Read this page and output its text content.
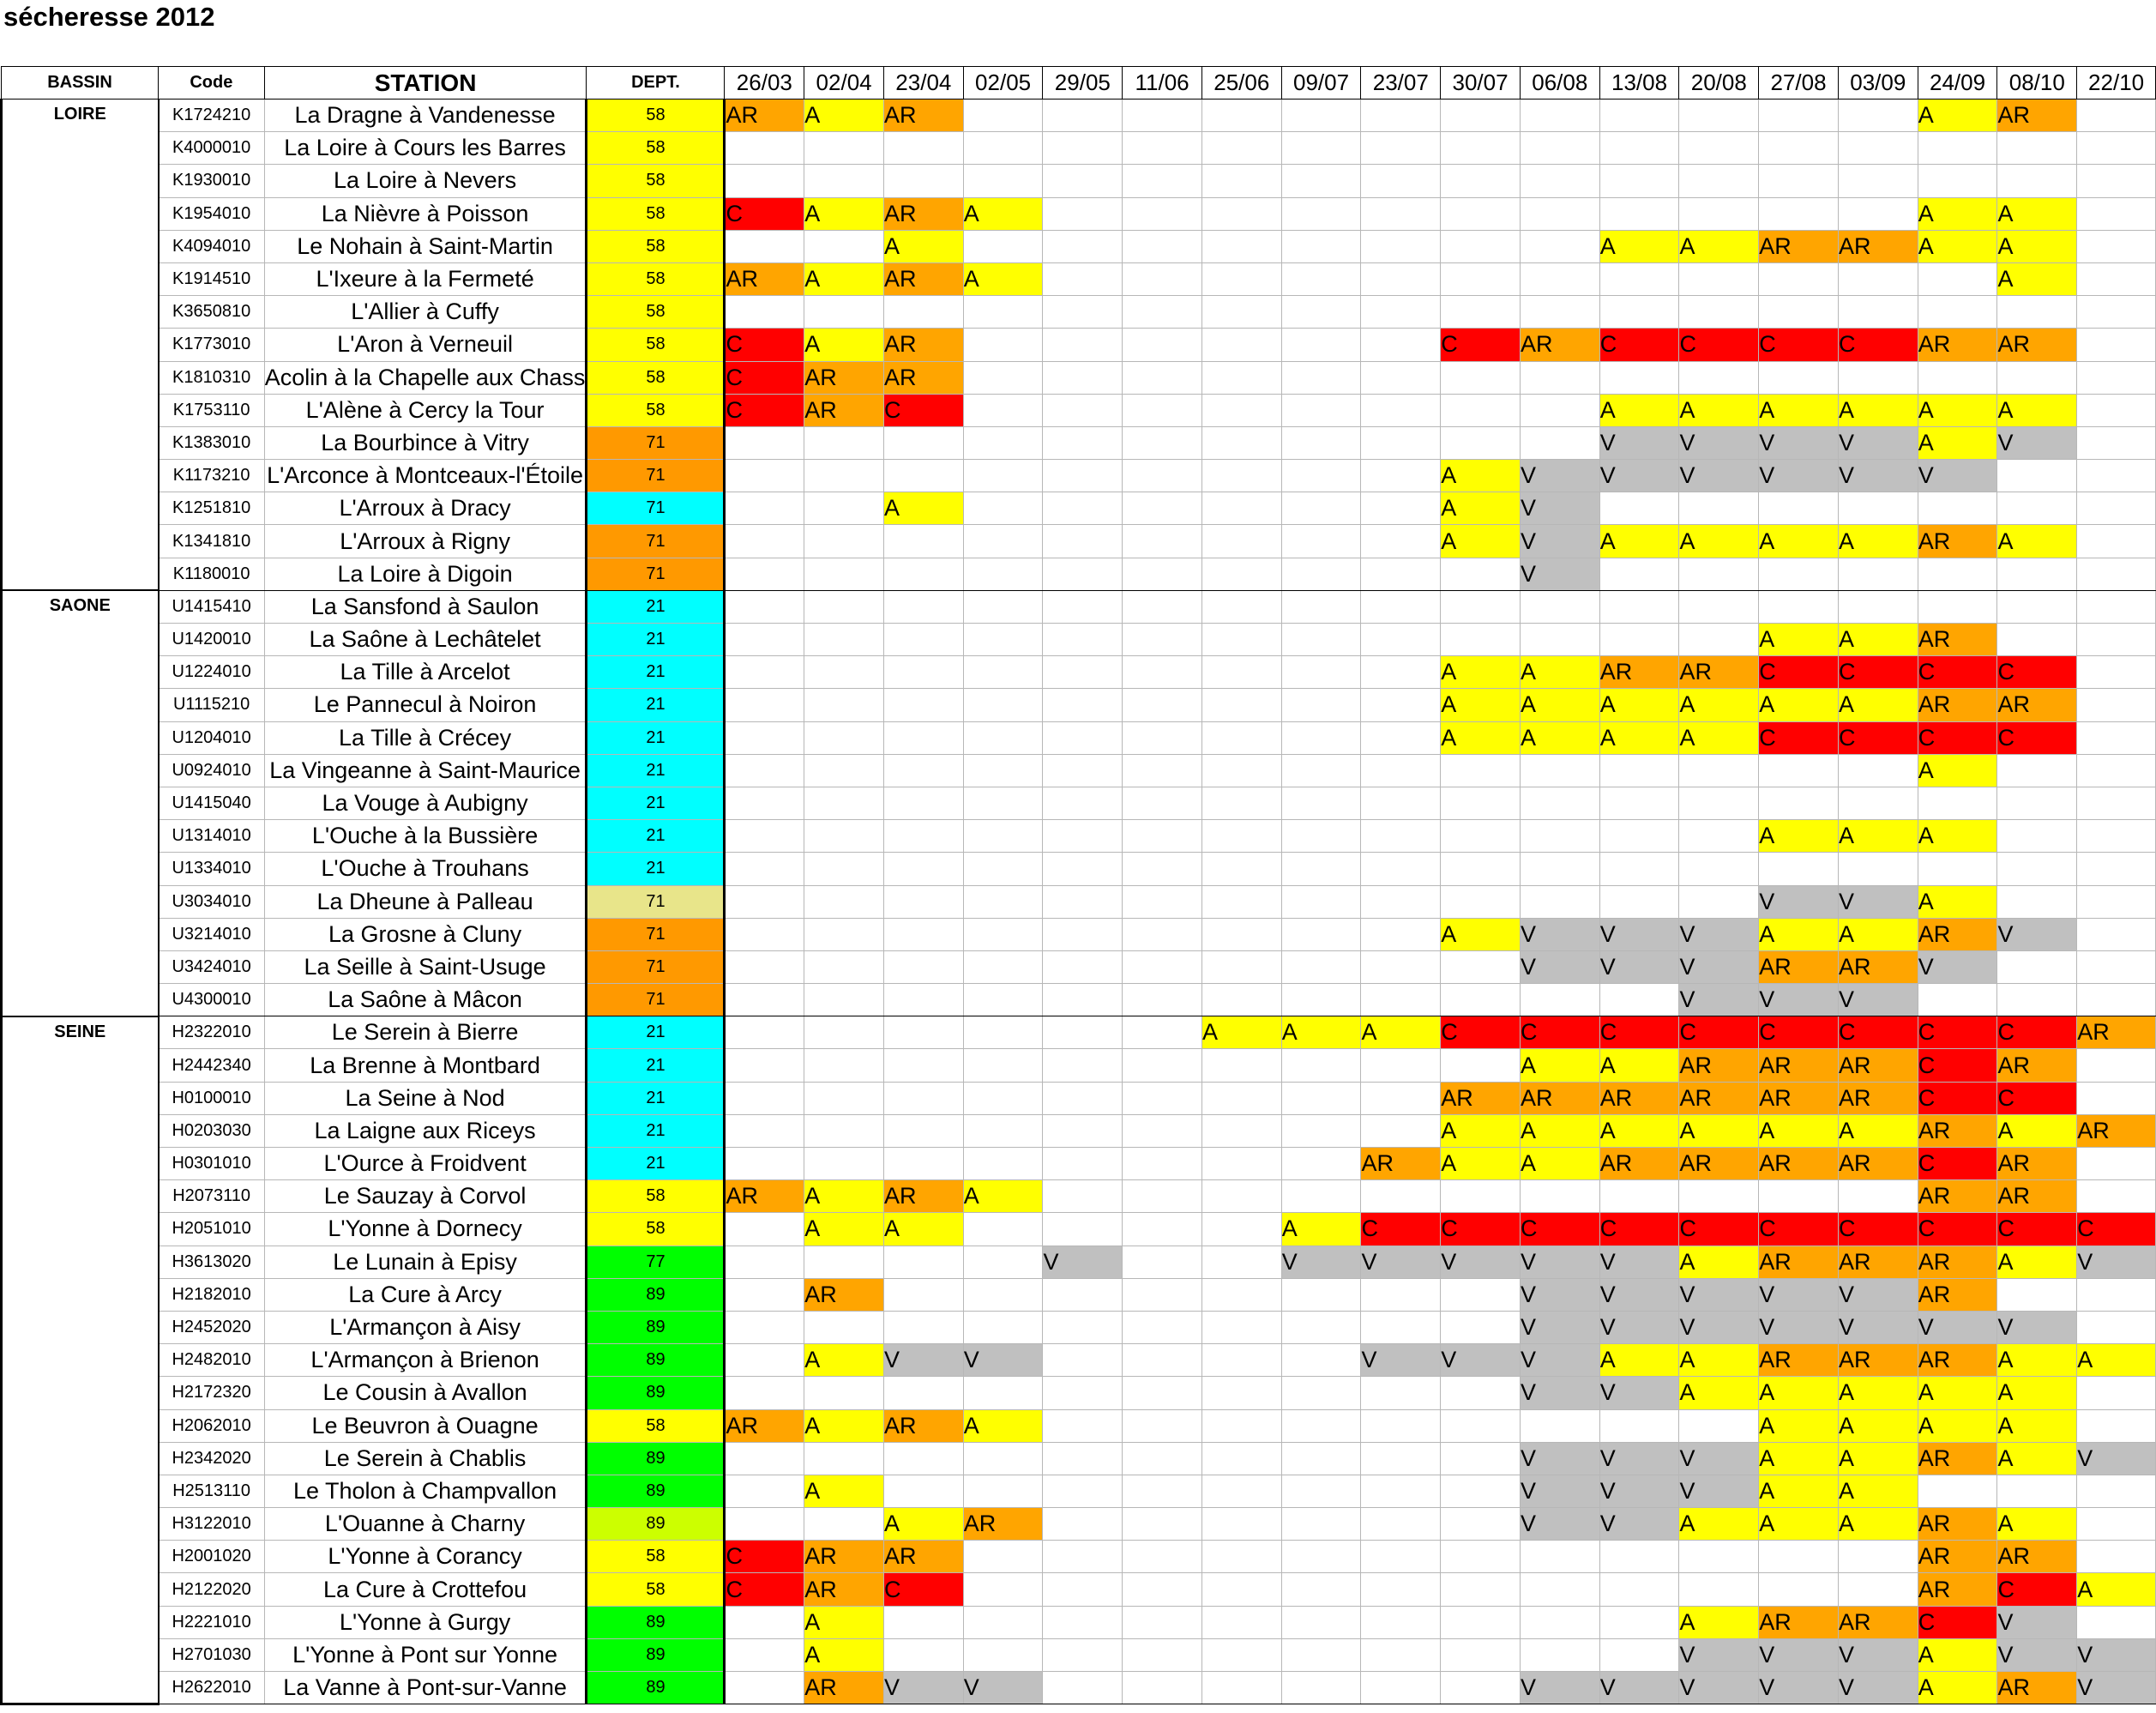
sécheresse 2012
BASSIN	Code	STATION	DEPT.	26/03	02/04	23/04	02/05	29/05	11/06	25/06	09/07	23/07	30/07	06/08	13/08	20/08	27/08	03/09	24/09	08/10	22/10
LOIRE	K1724210	La Dragne à Vandenesse	58	AR	A	AR													A	AR	
	K4000010	La Loire à Cours les Barres	58																		
	K1930010	La Loire à Nevers	58																		
	K1954010	La Nièvre à Poisson	58	C	A	AR	A												A	A	
	K4094010	Le Nohain à Saint-Martin	58			A									A	A	AR	AR	A	A	
	K1914510	L'Ixeure à la Fermeté	58	AR	A	AR	A													A	
	K3650810	L'Allier à Cuffy	58																		
	K1773010	L'Aron à Verneuil	58	C	A	AR							C	AR	C	C	C	C	AR	AR	
	K1810310	Acolin à la Chapelle aux Chass	58	C	AR	AR															
	K1753110	L'Alène à Cercy la Tour	58	C	AR	C									A	A	A	A	A	A	
	K1383010	La Bourbince à Vitry	71												V	V	V	V	A	V	
	K1173210	L'Arconce à Montceaux-l'Étoile	71										A	V	V	V	V	V	V		
	K1251810	L'Arroux à Dracy	71			A							A	V							
	K1341810	L'Arroux à Rigny	71										A	V	A	A	A	A	AR	A	
	K1180010	La Loire à Digoin	71											V							
SAONE	U1415410	La Sansfond à Saulon	21																		
	U1420010	La Saône à Lechâtelet	21														A	A	AR		
	U1224010	La Tille à Arcelot	21										A	A	AR	AR	C	C	C	C	
	U1115210	Le Pannecul à Noiron	21										A	A	A	A	A	A	AR	AR	
	U1204010	La Tille à Crécey	21										A	A	A	A	C	C	C	C	
	U0924010	La Vingeanne à Saint-Maurice	21																A		
	U1415040	La Vouge à Aubigny	21																		
	U1314010	L'Ouche à la Bussière	21														A	A	A		
	U1334010	L'Ouche à Trouhans	21																		
	U3034010	La Dheune à Palleau	71														V	V	A		
	U3214010	La Grosne à Cluny	71										A	V	V	V	A	A	AR	V	
	U3424010	La Seille à Saint-Usuge	71											V	V	V	AR	AR	V		
	U4300010	La Saône à Mâcon	71													V	V	V			
SEINE	H2322010	Le Serein à Bierre	21							A	A	A	C	C	C	C	C	C	C	C	AR
	H2442340	La Brenne à Montbard	21											A	A	AR	AR	AR	C	AR	
	H0100010	La Seine à Nod	21										AR	AR	AR	AR	AR	AR	C	C	
	H0203030	La Laigne aux Riceys	21										A	A	A	A	A	A	AR	A	AR
	H0301010	L'Ource à Froidvent	21									AR	A	A	AR	AR	AR	AR	C	AR	
	H2073110	Le Sauzay à Corvol	58	AR	A	AR	A												AR	AR	
	H2051010	L'Yonne à Dornecy	58		A	A					A	C	C	C	C	C	C	C	C	C	C
	H3613020	Le Lunain à Episy	77					V			V	V	V	V	V	A	AR	AR	AR	A	V
	H2182010	La Cure à Arcy	89		AR									V	V	V	V	V	AR		
	H2452020	L'Armançon à Aisy	89											V	V	V	V	V	V	V	
	H2482010	L'Armançon à Brienon	89		A	V	V					V	V	V	A	A	AR	AR	AR	A	A
	H2172320	Le Cousin à Avallon	89											V	V	A	A	A	A	A	
	H2062010	Le Beuvron à Ouagne	58	AR	A	AR	A										A	A	A	A	
	H2342020	Le Serein à Chablis	89											V	V	V	A	A	AR	A	V
	H2513110	Le Tholon à Champvallon	89		A									V	V	V	A	A			
	H3122010	L'Ouanne à Charny	89			A	AR							V	V	A	A	A	AR	A	
	H2001020	L'Yonne à Corancy	58	C	AR	AR													AR	AR	
	H2122020	La Cure à Crottefou	58	C	AR	C													AR	C	A
	H2221010	L'Yonne à Gurgy	89		A											A	AR	AR	C	V	
	H2701030	L'Yonne à Pont sur Yonne	89		A											V	V	V	A	V	V
	H2622010	La Vanne à Pont-sur-Vanne	89		AR	V	V							V	V	V	V	V	A	AR	V
